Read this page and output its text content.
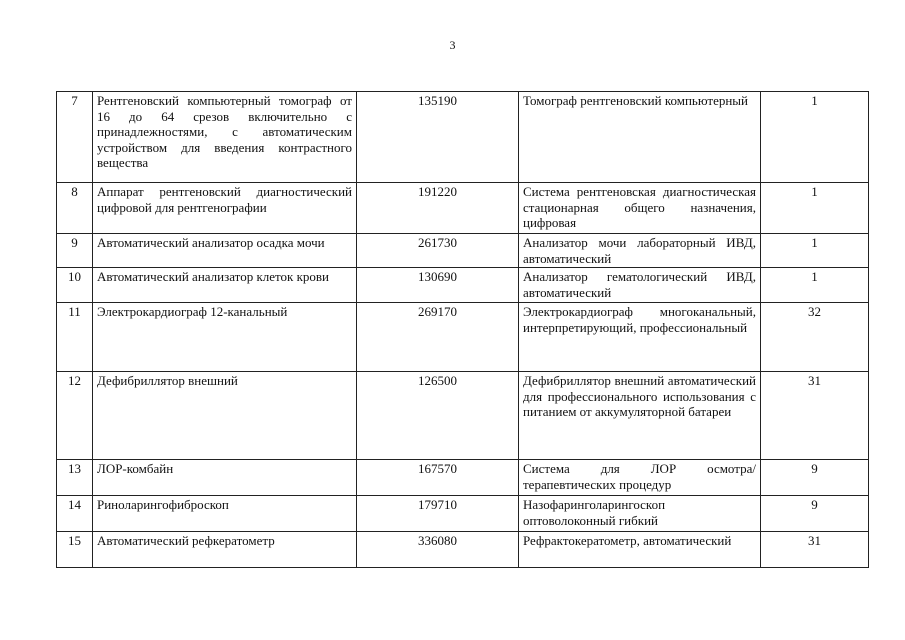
3
7	Рентгеновский компьютерный томограф от 16 до 64 срезов включительно с принадлежностями, с автоматическим устройством для введения контрастного вещества	135190	Томограф рентгеновский компьютерный	1
8	Аппарат рентгеновский диагностический цифровой для рентгенографии	191220	Система рентгеновская диагностическая стационарная общего назначения, цифровая	1
9	Автоматический анализатор осадка мочи	261730	Анализатор мочи лабораторный ИВД, автоматический	1
10	Автоматический анализатор клеток крови	130690	Анализатор гематологический ИВД, автоматический	1
11	Электрокардиограф 12-канальный	269170	Электрокардиограф многоканальный, интерпретирующий, профессиональный	32
12	Дефибриллятор внешний	126500	Дефибриллятор внешний автоматический для профессионального использования с питанием от аккумуляторной батареи	31
13	ЛОР-комбайн	167570	Система для ЛОР осмотра/терапевтических процедур	9
14	Риноларингофиброскоп	179710	Назофаринголарингоскоп оптоволоконный гибкий	9
15	Автоматический рефкератометр	336080	Рефрактокератометр, автоматический	31
